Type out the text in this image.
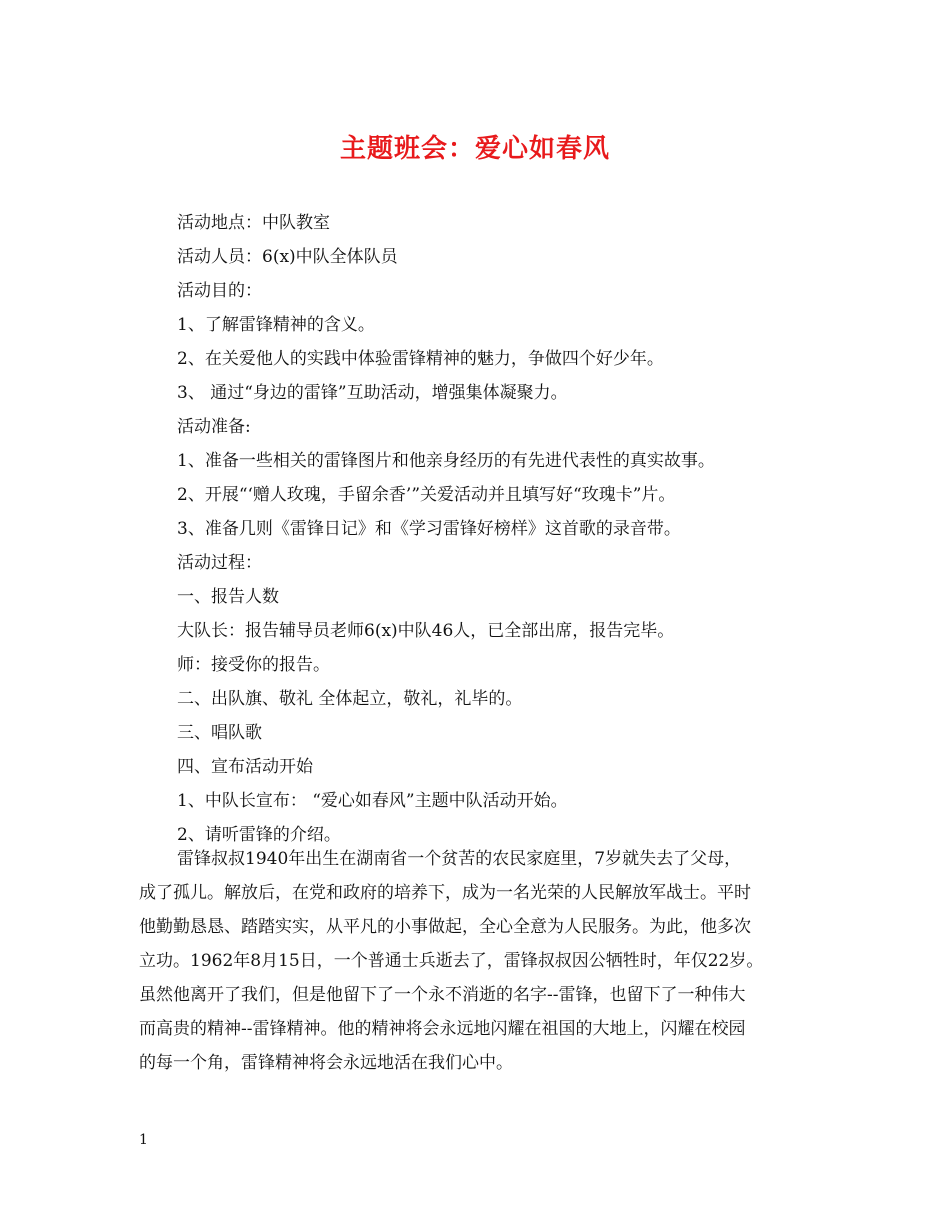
主题班会：爱心如春风
活动地点：中队教室
活动人员：6(x)中队全体队员
活动目的：
1、了解雷锋精神的含义。
2、在关爱他人的实践中体验雷锋精神的魅力，争做四个好少年。
3、 通过“身边的雷锋”互助活动，增强集体凝聚力。
活动准备:
1、准备一些相关的雷锋图片和他亲身经历的有先进代表性的真实故事。
2、开展“‘赠人玫瑰，手留余香’”关爱活动并且填写好“玫瑰卡”片。
3、准备几则《雷锋日记》和《学习雷锋好榜样》这首歌的录音带。
活动过程：
一、报告人数
大队长：报告辅导员老师6(x)中队46人，已全部出席，报告完毕。
师：接受你的报告。
二、出队旗、敬礼 全体起立，敬礼，礼毕的。
三、唱队歌
四、宣布活动开始
1、中队长宣布： “爱心如春风”主题中队活动开始。
2、请听雷锋的介绍。
雷锋叔叔1940年出生在湖南省一个贫苦的农民家庭里，7岁就失去了父母，
成了孤儿。解放后，在党和政府的培养下，成为一名光荣的人民解放军战士。平时
他勤勤恳恳、踏踏实实，从平凡的小事做起，全心全意为人民服务。为此，他多次
立功。1962年8月15日，一个普通士兵逝去了，雷锋叔叔因公牺牲时，年仅22岁。
虽然他离开了我们，但是他留下了一个永不消逝的名字--雷锋，也留下了一种伟大
而高贵的精神--雷锋精神。他的精神将会永远地闪耀在祖国的大地上，闪耀在校园
的每一个角，雷锋精神将会永远地活在我们心中。
1
